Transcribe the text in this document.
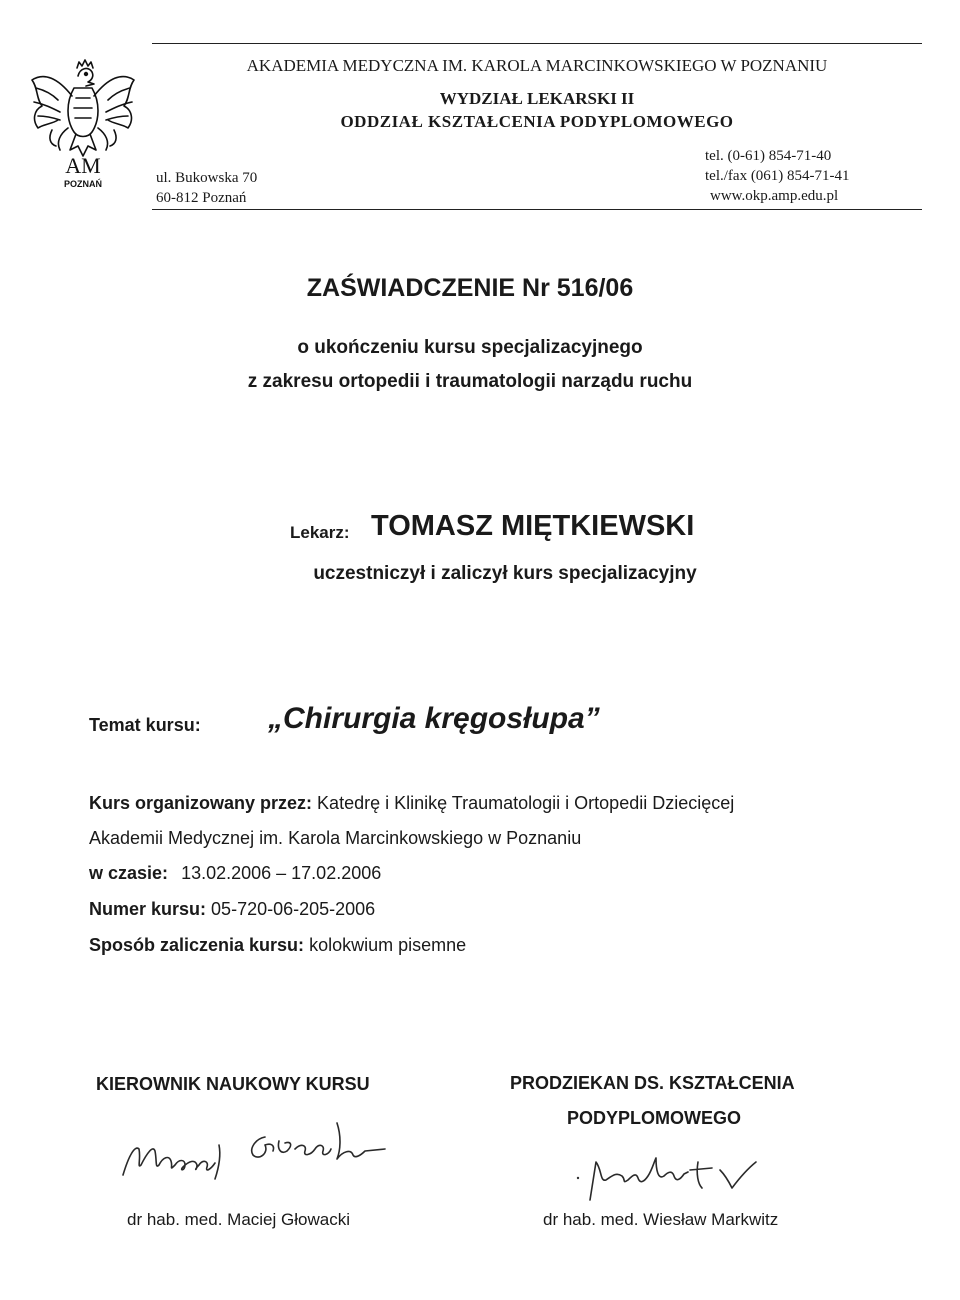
AM
POZNAŃ
AKADEMIA MEDYCZNA IM. KAROLA MARCINKOWSKIEGO W POZNANIU
WYDZIAŁ LEKARSKI II
ODDZIAŁ KSZTAŁCENIA PODYPLOMOWEGO
ul. Bukowska 70
60-812 Poznań
tel. (0-61) 854-71-40
tel./fax (061) 854-71-41
www.okp.amp.edu.pl
ZAŚWIADCZENIE Nr 516/06
o ukończeniu kursu specjalizacyjnego
z zakresu ortopedii i traumatologii narządu ruchu
Lekarz: TOMASZ MIĘTKIEWSKI
uczestniczył i zaliczył kurs specjalizacyjny
Temat kursu: „Chirurgia kręgosłupa”
Kurs organizowany przez: Katedrę i Klinikę Traumatologii i Ortopedii Dziecięcej
Akademii Medycznej im. Karola Marcinkowskiego w Poznaniu
w czasie: 13.02.2006 – 17.02.2006
Numer kursu: 05-720-06-205-2006
Sposób zaliczenia kursu: kolokwium pisemne
KIEROWNIK NAUKOWY KURSU
dr hab. med. Maciej Głowacki
PRODZIEKAN DS. KSZTAŁCENIA
PODYPLOMOWEGO
dr hab. med. Wiesław Markwitz
